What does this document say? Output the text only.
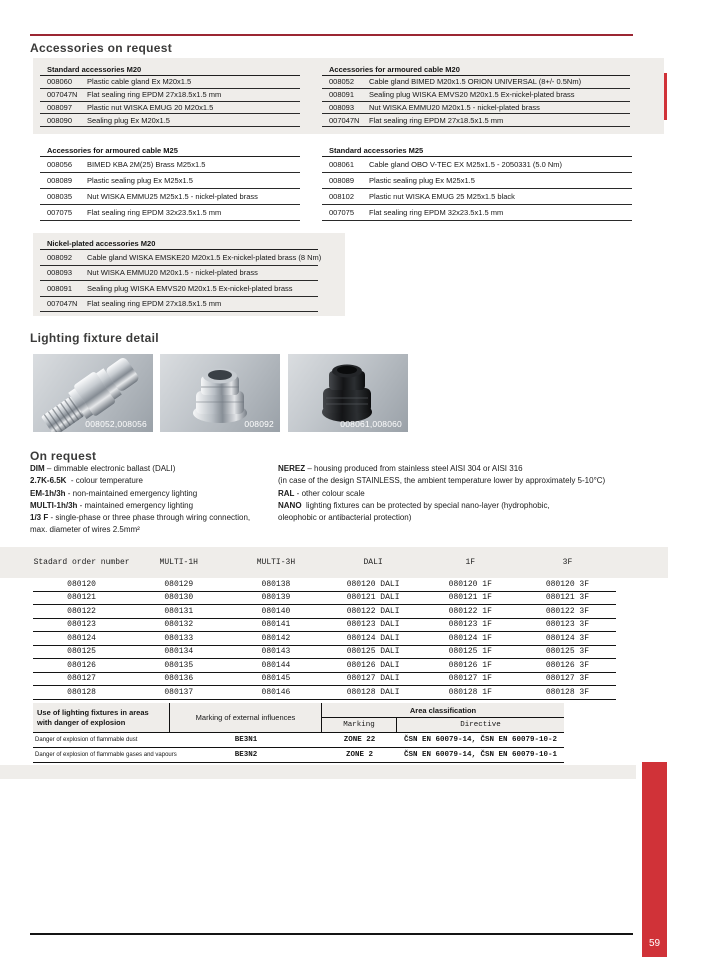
Accessories on request
Standard accessories M20
008060	Plastic cable gland Ex M20x1.5
007047N	Flat sealing ring EPDM 27x18.5x1.5 mm
008097	Plastic nut WISKA EMUG 20 M20x1.5
008090	Sealing plug Ex M20x1.5
Accessories for armoured cable M20
008052	Cable gland BIMED M20x1.5 ORION UNIVERSAL (8+/- 0.5Nm)
008091	Sealing plug WISKA EMVS20 M20x1.5 Ex-nickel-plated brass
008093	Nut WISKA EMMU20 M20x1.5 - nickel-plated brass
007047N	Flat sealing ring EPDM 27x18.5x1.5 mm
Accessories for armoured cable M25
008056	BIMED KBA 2M(25) Brass M25x1.5
008089	Plastic sealing plug Ex M25x1.5
008035	Nut WISKA EMMU25 M25x1.5 - nickel-plated brass
007075	Flat sealing ring EPDM 32x23.5x1.5 mm
Standard accessories M25
008061	Cable gland OBO V-TEC EX M25x1.5 - 2050331 (5.0 Nm)
008089	Plastic sealing plug Ex M25x1.5
008102	Plastic nut WISKA EMUG 25 M25x1.5 black
007075	Flat sealing ring EPDM 32x23.5x1.5 mm
Nickel-plated accessories M20
008092	Cable gland WISKA EMSKE20 M20x1.5 Ex-nickel-plated brass (8 Nm)
008093	Nut WISKA EMMU20 M20x1.5 - nickel-plated brass
008091	Sealing plug WISKA EMVS20 M20x1.5 Ex-nickel-plated brass
007047N	Flat sealing ring EPDM 27x18.5x1.5 mm
Lighting fixture detail
008052,008056	008092	008061,008060
On request
DIM – dimmable electronic ballast (DALI)
2.7K-6.5K  - colour temperature
EM-1h/3h - non-maintained emergency lighting
MULTI-1h/3h - maintained emergency lighting
1/3 F - single-phase or three phase through wiring connection,
max. diameter of wires 2.5mm²
NEREZ – housing produced from stainless steel AISI 304 or AISI 316
(in case of the design STAINLESS, the ambient temperature lower by approximately 5-10°C)
RAL - other colour scale
NANO  lighting fixtures can be protected by special nano-layer (hydrophobic,
oleophobic or antibacterial protection)
Stadard order number	MULTI-1H	MULTI-3H	DALI	1F	3F
080120	080129	080138	080120 DALI	080120 1F	080120 3F
080121	080130	080139	080121 DALI	080121 1F	080121 3F
080122	080131	080140	080122 DALI	080122 1F	080122 3F
080123	080132	080141	080123 DALI	080123 1F	080123 3F
080124	080133	080142	080124 DALI	080124 1F	080124 3F
080125	080134	080143	080125 DALI	080125 1F	080125 3F
080126	080135	080144	080126 DALI	080126 1F	080126 3F
080127	080136	080145	080127 DALI	080127 1F	080127 3F
080128	080137	080146	080128 DALI	080128 1F	080128 3F
Use of lighting fixtures in areas with danger of explosion	Marking of external influences
Area classification
Marking	Directive
Danger of explosion of flammable dust	BE3N1	ZONE 22	ČSN EN 60079-14, ČSN EN 60079-10-2
Danger of explosion of flammable gases and vapours	BE3N2	ZONE 2	ČSN EN 60079-14, ČSN EN 60079-10-1
59
